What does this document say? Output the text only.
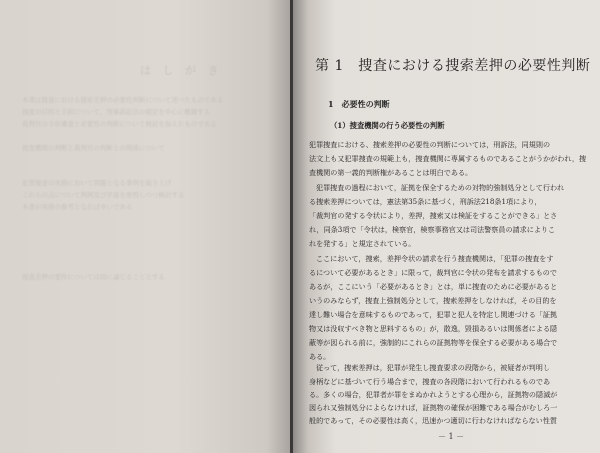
は し が き
本書は捜査における捜索差押の必要性判断について述べたものである
捜査の目的と手続について、刑事訴訟法の規定を中心に概観する
裁判官の令状審査と必要性の判断について検討を加えたものである
捜査機関の判断と裁判官の判断との関係について
犯罪捜査の実務において問題となる事例を取り上げ
これらの点について判例及び学説を参照しつつ検討する
本書が実務の参考となれば幸いである
捜査差押の要件については別に論じることとする
第 1　捜査における捜索差押の必要性判断
1　必要性の判断
（1）捜査機関の行う必要性の判断
犯罪捜査における、捜索差押の必要性の判断については，刑訴法，同規則の
法文上も又犯罪捜査の規範上も，捜査機関に専属するものであることがうかがわれ，捜
査機関の第一義的判断権があることは明白である。
犯罪捜査の過程において，証拠を保全するための対物的強制処分として行われ
る捜索差押については，憲法第35条に基づく，刑訴法218条1項により，
「裁判官の発する令状により，差押，捜索又は検証をすることができる」とさ
れ，同条3項で「令状は，検察官，検察事務官又は司法警察員の請求によりこ
れを発する」と規定されている。
ここにおいて，捜索，差押令状の請求を行う捜査機関は，「犯罪の捜査をす
るについて必要があるとき」に限って，裁判官に令状の発布を請求するもので
あるが，ここにいう「必要があるとき」とは，単に捜査のために必要があると
いうのみならず，捜査上強制処分として，捜索差押をしなければ，その目的を
達し難い場合を意味するものであって，犯罪と犯人を特定し関連づける「証拠
物又は没収すべき物と思料するもの」が，散逸，毀損あるいは関係者による隠
蔽等が図られる前に，強制的にこれらの証拠物等を保全する必要がある場合で
ある。
従って，捜索差押は，犯罪が発生し捜査要求の段階から，被疑者が判明し
身柄などに基づいて行う場合まで，捜査の各段階において行われるものであ
る。多くの場合，犯罪者が罪をまぬかれようとする心理から，証拠物の隠滅が
図られ又強制処分によらなければ，証拠物の確保が困難である場合がむしろ一
般的であって，その必要性は高く，迅速かつ適切に行わなければならない性質
－ 1 －
